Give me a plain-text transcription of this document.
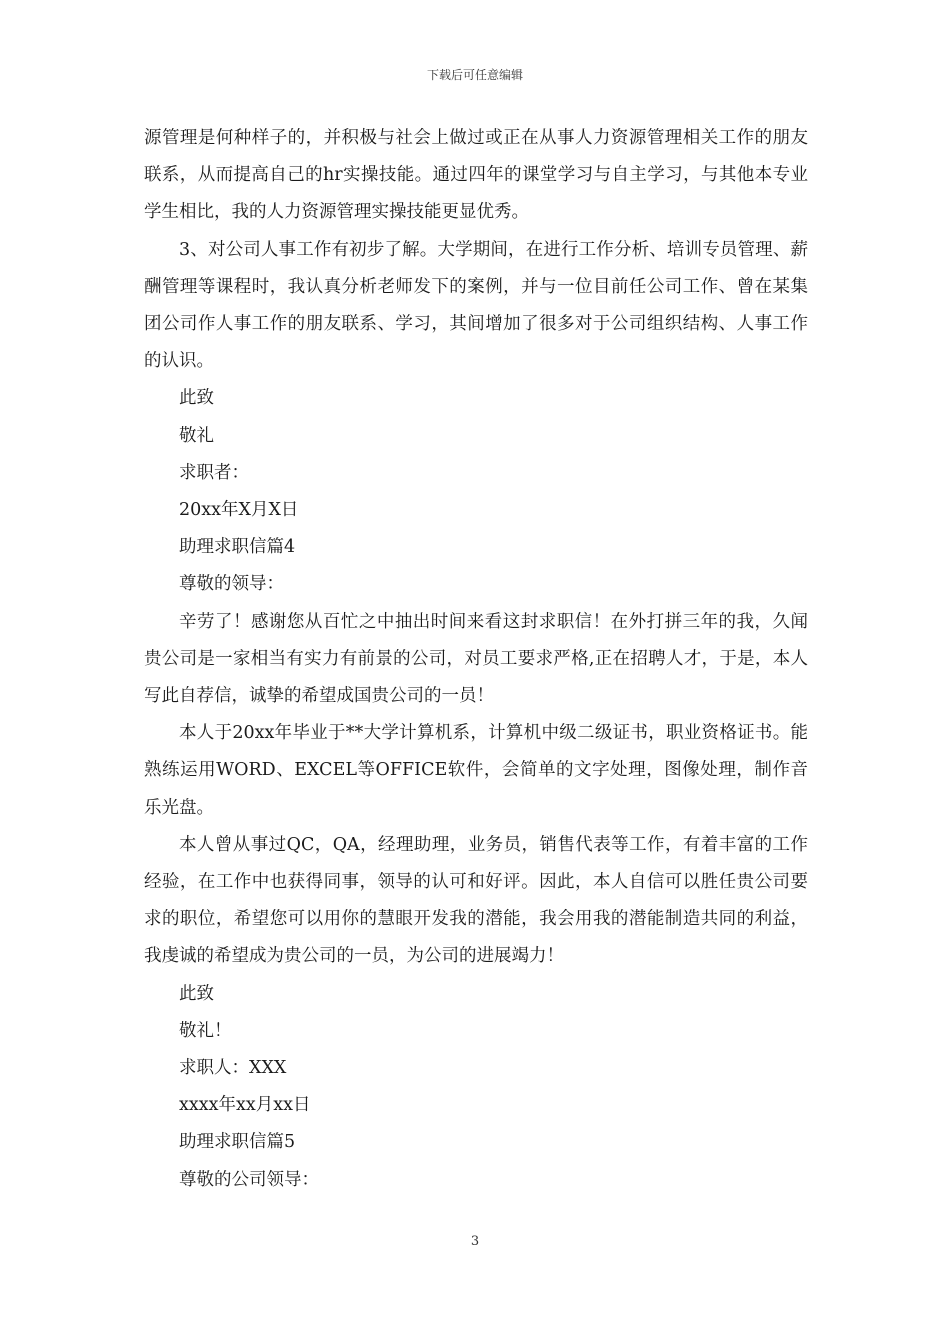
下载后可任意编辑

源管理是何种样子的，并积极与社会上做过或正在从事人力资源管理相关工作的朋友联系，从而提高自己的hr实操技能。通过四年的课堂学习与自主学习，与其他本专业学生相比，我的人力资源管理实操技能更显优秀。

3、对公司人事工作有初步了解。大学期间，在进行工作分析、培训专员管理、薪酬管理等课程时，我认真分析老师发下的案例，并与一位目前任公司工作、曾在某集团公司作人事工作的朋友联系、学习，其间增加了很多对于公司组织结构、人事工作的认识。

此致

敬礼

求职者：

20xx年X月X日

助理求职信篇4

尊敬的领导：

辛劳了！感谢您从百忙之中抽出时间来看这封求职信！在外打拼三年的我，久闻贵公司是一家相当有实力有前景的公司，对员工要求严格,正在招聘人才，于是，本人写此自荐信，诚挚的希望成国贵公司的一员！

本人于20xx年毕业于**大学计算机系，计算机中级二级证书，职业资格证书。能熟练运用WORD、EXCEL等OFFICE软件，会简单的文字处理，图像处理，制作音乐光盘。

本人曾从事过QC，QA，经理助理，业务员，销售代表等工作，有着丰富的工作经验，在工作中也获得同事，领导的认可和好评。因此，本人自信可以胜任贵公司要求的职位，希望您可以用你的慧眼开发我的潜能，我会用我的潜能制造共同的利益，我虔诚的希望成为贵公司的一员，为公司的进展竭力！

此致

敬礼！

求职人：XXX

xxxx年xx月xx日

助理求职信篇5

尊敬的公司领导：

3
